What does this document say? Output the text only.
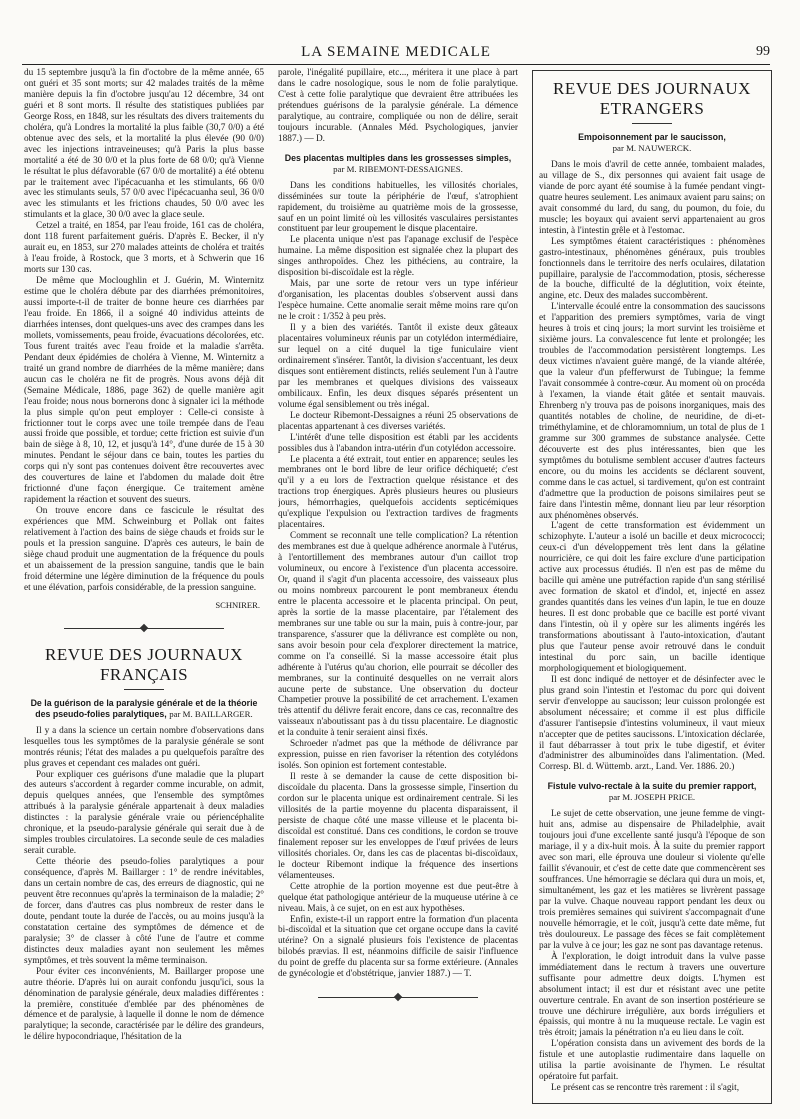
LA SEMAINE MEDICALE	99

du 15 septembre jusqu'à la fin d'octobre de la même année, 65 ont guéri et 35 sont morts; sur 42 malades traités de la même manière depuis la fin d'octobre jusqu'au 12 décembre, 34 ont guéri et 8 sont morts. Il résulte des statistiques publiées par George Ross, en 1848, sur les résultats des divers traitements du choléra, qu'à Londres la mortalité la plus faible (30,7 0/0) a été obtenue avec des sels, et la mortalité la plus élevée (90 0/0) avec les injections intraveineuses; qu'à Paris la plus basse mortalité a été de 30 0/0 et la plus forte de 68 0/0; qu'à Vienne le résultat le plus défavorable (67 0/0 de mortalité) a été obtenu par le traitement avec l'ipécacuanha et les stimulants, 66 0/0 avec les stimulants seuls, 57 0/0 avec l'ipécacuanha seul, 36 0/0 avec les stimulants et les frictions chaudes, 50 0/0 avec les stimulants et la glace, 30 0/0 avec la glace seule.

Cetzel a traité, en 1854, par l'eau froide, 161 cas de choléra, dont 118 furent parfaitement guéris. D'après E. Becker, il n'y aurait eu, en 1853, sur 270 malades atteints de choléra et traités à l'eau froide, à Rostock, que 3 morts, et à Schwerin que 16 morts sur 130 cas.

De même que Mocloughlin et J. Guérin, M. Winternitz estime que le choléra débute par des diarrhées prémonitoires, aussi importe-t-il de traiter de bonne heure ces diarrhées par l'eau froide. En 1866, il a soigné 40 individus atteints de diarrhées intenses, dont quelques-uns avec des crampes dans les mollets, vomissements, peau froide, évacuations décolorées, etc. Tous furent traités avec l'eau froide et la maladie s'arrêta. Pendant deux épidémies de choléra à Vienne, M. Winternitz a traité un grand nombre de diarrhées de la même manière; dans aucun cas le choléra ne fit de progrès. Nous avons déjà dit (Semaine Médicale, 1886, page 362) de quelle manière agit l'eau froide; nous nous bornerons donc à signaler ici la méthode la plus simple qu'on peut employer : Celle-ci consiste à frictionner tout le corps avec une toile trempée dans de l'eau aussi froide que possible, et tordue; cette friction est suivie d'un bain de siège à 8, 10, 12, et jusqu'à 14°, d'une durée de 15 à 30 minutes. Pendant le séjour dans ce bain, toutes les parties du corps qui n'y sont pas contenues doivent être recouvertes avec des couvertures de laine et l'abdomen du malade doit être frictionné d'une façon énergique. Ce traitement amène rapidement la réaction et souvent des sueurs.

On trouve encore dans ce fascicule le résultat des expériences que MM. Schweinburg et Pollak ont faites relativement à l'action des bains de siège chauds et froids sur le pouls et la pression sanguine. D'après ces auteurs, le bain de siège chaud produit une augmentation de la fréquence du pouls et un abaissement de la pression sanguine, tandis que le bain froid détermine une légère diminution de la fréquence du pouls et une élévation, parfois considérable, de la pression sanguine.

SCHNIRER.
REVUE DES JOURNAUX FRANÇAIS
De la guérison de la paralysie générale et de la théorie des pseudo-folies paralytiques, par M. BAILLARGER.

Il y a dans la science un certain nombre d'observations dans lesquelles tous les symptômes de la paralysie générale se sont montrés réunis; l'état des malades a pu quelquefois paraître des plus graves et cependant ces malades ont guéri.

Pour expliquer ces guérisons d'une maladie que la plupart des auteurs s'accordent à regarder comme incurable, on admit, depuis quelques années, que l'ensemble des symptômes attribués à la paralysie générale appartenait à deux maladies distinctes : la paralysie générale vraie ou périencéphalite chronique, et la pseudo-paralysie générale qui serait due à de simples troubles circulatoires. La seconde seule de ces maladies serait curable.

Cette théorie des pseudo-folies paralytiques a pour conséquence, d'après M. Baillarger : 1° de rendre inévitables, dans un certain nombre de cas, des erreurs de diagnostic, qui ne peuvent être reconnues qu'après la terminaison de la maladie; 2° de forcer, dans d'autres cas plus nombreux de rester dans le doute, pendant toute la durée de l'accès, ou au moins jusqu'à la constatation certaine des symptômes de démence et de paralysie; 3° de classer à côté l'une de l'autre et comme distinctes deux maladies ayant non seulement les mêmes symptômes, et très souvent la même terminaison.

Pour éviter ces inconvénients, M. Baillarger propose une autre théorie. D'après lui on aurait confondu jusqu'ici, sous la dénomination de paralysie générale, deux maladies différentes : la première, constituée d'emblée par des phénomènes de démence et de paralysie, à laquelle il donne le nom de démence paralytique; la seconde, caractérisée par le délire des grandeurs, le délire hypocondriaque, l'hésitation de la

parole, l'inégalité pupillaire, etc..., méritera it une place à part dans le cadre nosologique, sous le nom de folie paralytique. C'est à cette folie paralytique que devraient être attribuées les prétendues guérisons de la paralysie générale. La démence paralytique, au contraire, compliquée ou non de délire, serait toujours incurable. (Annales Méd. Psychologiques, janvier 1887.) — D.

Des placentas multiples dans les grossesses simples, par M. RIBEMONT-DESSAIGNES.

Dans les conditions habituelles, les villosités choriales, disséminées sur toute la périphérie de l'œuf, s'atrophient rapidement, du troisième au quatrième mois de la grossesse, sauf en un point limité où les villosités vasculaires persistantes constituent par leur groupement le disque placentaire.

Le placenta unique n'est pas l'apanage exclusif de l'espèce humaine. La même disposition est signalée chez la plupart des singes anthropoïdes. Chez les pithéciens, au contraire, la disposition bi-discoïdale est la règle.

Mais, par une sorte de retour vers un type inférieur d'organisation, les placentas doubles s'observent aussi dans l'espèce humaine. Cette anomalie serait même moins rare qu'on ne le croit : 1/352 à peu près.

Il y a bien des variétés. Tantôt il existe deux gâteaux placentaires volumineux réunis par un cotylédon intermédiaire, sur lequel on a cité duquel la tige funiculaire vient ordinairement s'insérer. Tantôt, la division s'accentuant, les deux disques sont entièrement distincts, reliés seulement l'un à l'autre par les membranes et quelques divisions des vaisseaux ombilicaux. Enfin, les deux disques séparés présentent un volume égal sensiblement ou très inégal.

Le docteur Ribemont-Dessaignes a réuni 25 observations de placentas appartenant à ces diverses variétés.

L'intérêt d'une telle disposition est établi par les accidents possibles dus à l'abandon intra-utérin d'un cotylédon accessoire.

Le placenta a été extrait, tout entier en apparence; seules les membranes ont le bord libre de leur orifice déchiqueté; c'est qu'il y a eu lors de l'extraction quelque résistance et des tractions trop énergiques. Après plusieurs heures ou plusieurs jours, hémorrhagies, quelquefois accidents septicémiques qu'explique l'expulsion ou l'extraction tardives de fragments placentaires.

Comment se reconnaît une telle complication? La rétention des membranes est due à quelque adhérence anormale à l'utérus, à l'entortillement des membranes autour d'un caillot trop volumineux, ou encore à l'existence d'un placenta accessoire. Or, quand il s'agit d'un placenta accessoire, des vaisseaux plus ou moins nombreux parcourent le pont membraneux étendu entre le placenta accessoire et le placenta principal. On peut, après la sortie de la masse placentaire, par l'étalement des membranes sur une table ou sur la main, puis à contre-jour, par transparence, s'assurer que la délivrance est complète ou non, sans avoir besoin pour cela d'explorer directement la matrice, comme on l'a conseillé. Si la masse accessoire était plus adhérente à l'utérus qu'au chorion, elle pourrait se décoller des membranes, sur la continuité desquelles on ne verrait alors aucune perte de substance. Une observation du docteur Champetier prouve la possibilité de cet arrachement. L'examen très attentif du délivre ferait encore, dans ce cas, reconnaître des vaisseaux n'aboutissant pas à du tissu placentaire. Le diagnostic et la conduite à tenir seraient ainsi fixés.

Schroeder n'admet pas que la méthode de délivrance par expression, puisse en rien favoriser la rétention des cotylédons isolés. Son opinion est fortement contestable.

Il reste à se demander la cause de cette disposition bi-discoïdale du placenta. Dans la grossesse simple, l'insertion du cordon sur le placenta unique est ordinairement centrale. Si les villosités de la partie moyenne du placenta disparaissent, il persiste de chaque côté une masse villeuse et le placenta bi-discoïdal est constitué. Dans ces conditions, le cordon se trouve finalement reposer sur les enveloppes de l'œuf privées de leurs villosités choriales. Or, dans les cas de placentas bi-discoïdaux, le docteur Ribemont indique la fréquence des insertions vélamenteuses.

Cette atrophie de la portion moyenne est due peut-être à quelque état pathologique antérieur de la muqueuse utérine à ce niveau. Mais, à ce sujet, on en est aux hypothèses.

Enfin, existe-t-il un rapport entre la formation d'un placenta bi-discoïdal et la situation que cet organe occupe dans la cavité utérine? On a signalé plusieurs fois l'existence de placentas bilobés prævias. Il est, néanmoins difficile de saisir l'influence du point de greffe du placenta sur sa forme extérieure. (Annales de gynécologie et d'obstétrique, janvier 1887.) — T.

REVUE DES JOURNAUX ETRANGERS
Empoisonnement par le saucisson,
par M. NAUWERCK.

Dans le mois d'avril de cette année, tombaient malades, au village de S., dix personnes qui avaient fait usage de viande de porc ayant été soumise à la fumée pendant vingt-quatre heures seulement. Les animaux avaient paru sains; on avait consommé du lard, du sang, du poumon, du foie, du muscle; les boyaux qui avaient servi appartenaient au gros intestin, à l'intestin grêle et à l'estomac.

Les symptômes étaient caractéristiques : phénomènes gastro-intestinaux, phénomènes généraux, puis troubles fonctionnels dans le territoire des nerfs oculaires, dilatation pupillaire, paralysie de l'accommodation, ptosis, sécheresse de la bouche, difficulté de la déglutition, voix éteinte, angine, etc. Deux des malades succombèrent.

L'intervalle écoulé entre la consommation des saucissons et l'apparition des premiers symptômes, varia de vingt heures à trois et cinq jours; la mort survint les troisième et sixième jours. La convalescence fut lente et prolongée; les troubles de l'accommodation persistèrent longtemps. Les deux victimes n'avaient guère mangé, de la viande altérée, que la valeur d'un pfefferwurst de Tubingue; la femme l'avait consommée à contre-cœur. Au moment où on procéda à l'examen, la viande était gâtée et sentait mauvais. Ehrenberg n'y trouva pas de poisons inorganiques, mais des quantités notables de choline, de neuridine, de di-et-triméthylamine, et de chloramomnium, un total de plus de 1 gramme sur 300 grammes de substance analysée. Cette découverte est des plus intéressantes, bien que les symptômes du botulisme semblent accuser d'autres facteurs encore, ou du moins les accidents se déclarent souvent, comme dans le cas actuel, si tardivement, qu'on est contraint d'admettre que la production de poisons similaires peut se faire dans l'intestin même, donnant lieu par leur résorption aux phénomènes observés.

L'agent de cette transformation est évidemment un schizophyte. L'auteur a isolé un bacille et deux micrococci; ceux-ci d'un développement très lent dans la gélatine nourricière, ce qui doit les faire exclure d'une participation active aux processus étudiés. Il n'en est pas de même du bacille qui amène une putréfaction rapide d'un sang stérilisé avec formation de skatol et d'indol, et, injecté en assez grandes quantités dans les veines d'un lapin, le tue en douze heures. Il est donc probable que ce bacille est porté vivant dans l'intestin, où il y opère sur les aliments ingérés les transformations aboutissant à l'auto-intoxication, d'autant plus que l'auteur pense avoir retrouvé dans le conduit intestinal du porc sain, un bacille identique morphologiquement et biologiquement.

Il est donc indiqué de nettoyer et de désinfecter avec le plus grand soin l'intestin et l'estomac du porc qui doivent servir d'enveloppe au saucisson; leur cuisson prolongée est absolument nécessaire; et comme il est plus difficile d'assurer l'antisepsie d'intestins volumineux, il vaut mieux n'accepter que de petites saucissons. L'intoxication déclarée, il faut débarrasser à tout prix le tube digestif, et éviter d'administrer des albuminoïdes dans l'alimentation. (Med. Corresp. Bl. d. Wüttemb. arzt., Land. Ver. 1886. 20.)

Fistule vulvo-rectale à la suite du premier rapport, par M. JOSEPH PRICE.

Le sujet de cette observation, une jeune femme de vingt-huit ans, admise au dispensaire de Philadelphie, avait toujours joui d'une excellente santé jusqu'à l'époque de son mariage, il y a dix-huit mois. À la suite du premier rapport avec son mari, elle éprouva une douleur si violente qu'elle faillit s'évanouir, et c'est de cette date que commencèrent ses souffrances. Une hémorragie se déclara qui dura un mois, et, simultanément, les gaz et les matières se livrèrent passage par la vulve. Chaque nouveau rapport pendant les deux ou trois premières semaines qui suivirent s'accompagnait d'une nouvelle hémorragie, et le coït, jusqu'à cette date même, fut très douloureux. Le passage des fèces se fait complètement par la vulve à ce jour; les gaz ne sont pas davantage retenus.

À l'exploration, le doigt introduit dans la vulve passe immédiatement dans le rectum à travers une ouverture suffisante pour admettre deux doigts. L'hymen est absolument intact; il est dur et résistant avec une petite ouverture centrale. En avant de son insertion postérieure se trouve une déchirure irrégulière, aux bords irréguliers et épaissis, qui montre à nu la muqueuse rectale. Le vagin est très étroit; jamais la pénétration n'a eu lieu dans le coït.

L'opération consista dans un avivement des bords de la fistule et une autoplastie rudimentaire dans laquelle on utilisa la partie avoisinante de l'hymen. Le résultat opératoire fut parfait.

Le présent cas se rencontre très rarement : il s'agit,
